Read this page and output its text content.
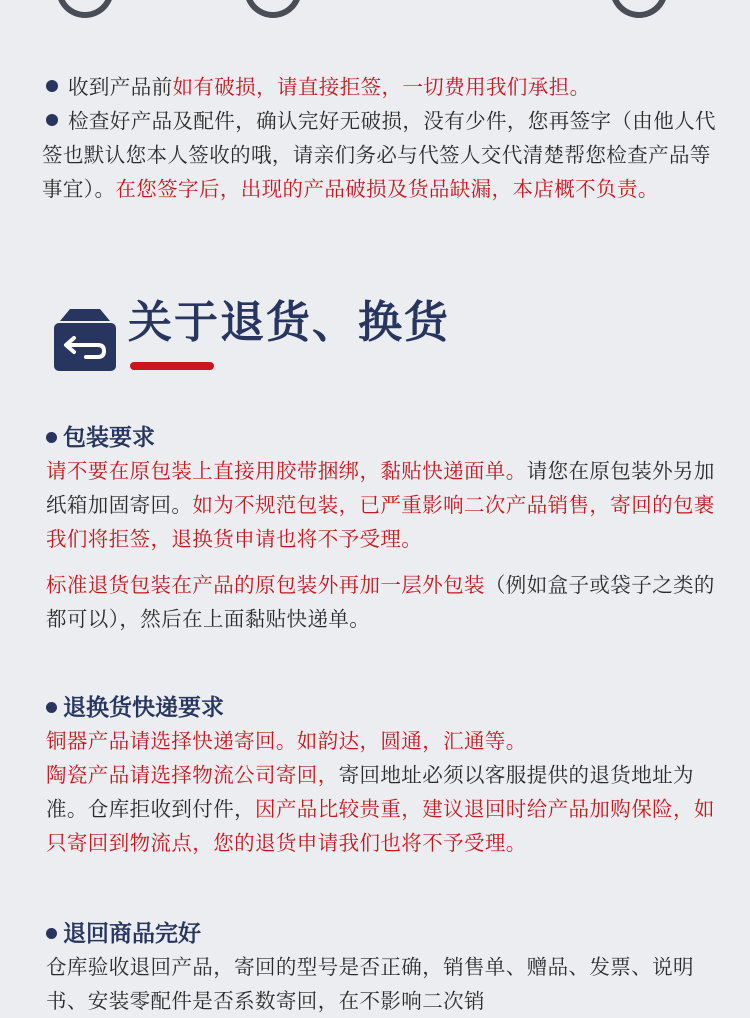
收到产品前如有破损，请直接拒签，一切费用我们承担。

检查好产品及配件，确认完好无破损，没有少件，您再签字（由他人代签也默认您本人签收的哦，请亲们务必与代签人交代清楚帮您检查产品等事宜）。在您签字后，出现的产品破损及货品缺漏，本店概不负责。

关于退货、换货

包装要求

请不要在原包装上直接用胶带捆绑，黏贴快递面单。请您在原包装外另加纸箱加固寄回。如为不规范包装，已严重影响二次产品销售，寄回的包裹我们将拒签，退换货申请也将不予受理。

标准退货包装在产品的原包装外再加一层外包装（例如盒子或袋子之类的都可以），然后在上面黏贴快递单。

退换货快递要求

铜器产品请选择快递寄回。如韵达，圆通，汇通等。

陶瓷产品请选择物流公司寄回，寄回地址必须以客服提供的退货地址为准。仓库拒收到付件，因产品比较贵重，建议退回时给产品加购保险，如只寄回到物流点，您的退货申请我们也将不予受理。

退回商品完好

仓库验收退回产品，寄回的型号是否正确，销售单、赠品、发票、说明书、安装零配件是否系数寄回，在不影响二次销
